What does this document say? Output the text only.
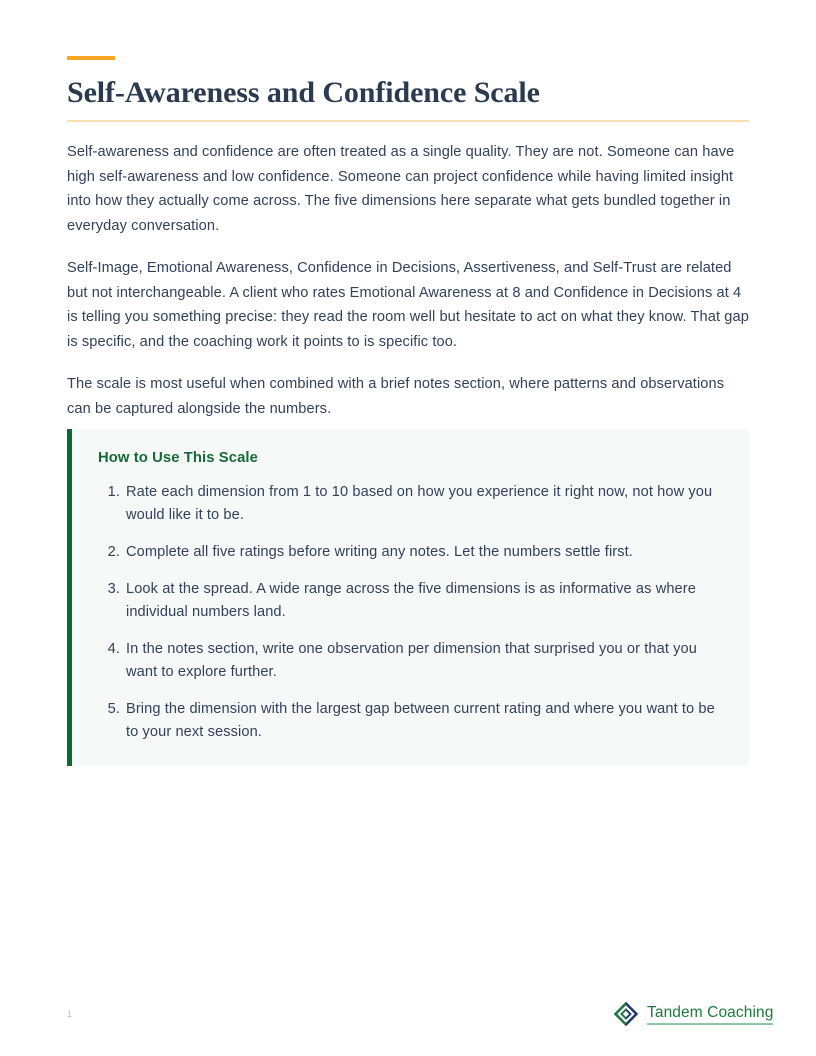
Self-Awareness and Confidence Scale

Self-awareness and confidence are often treated as a single quality. They are not. Someone can have high self-awareness and low confidence. Someone can project confidence while having limited insight into how they actually come across. The five dimensions here separate what gets bundled together in everyday conversation.

Self-Image, Emotional Awareness, Confidence in Decisions, Assertiveness, and Self-Trust are related but not interchangeable. A client who rates Emotional Awareness at 8 and Confidence in Decisions at 4 is telling you something precise: they read the room well but hesitate to act on what they know. That gap is specific, and the coaching work it points to is specific too.

The scale is most useful when combined with a brief notes section, where patterns and observations can be captured alongside the numbers.

How to Use This Scale
Rate each dimension from 1 to 10 based on how you experience it right now, not how you would like it to be.
Complete all five ratings before writing any notes. Let the numbers settle first.
Look at the spread. A wide range across the five dimensions is as informative as where individual numbers land.
In the notes section, write one observation per dimension that surprised you or that you want to explore further.
Bring the dimension with the largest gap between current rating and where you want to be to your next session.
1	Tandem Coaching
